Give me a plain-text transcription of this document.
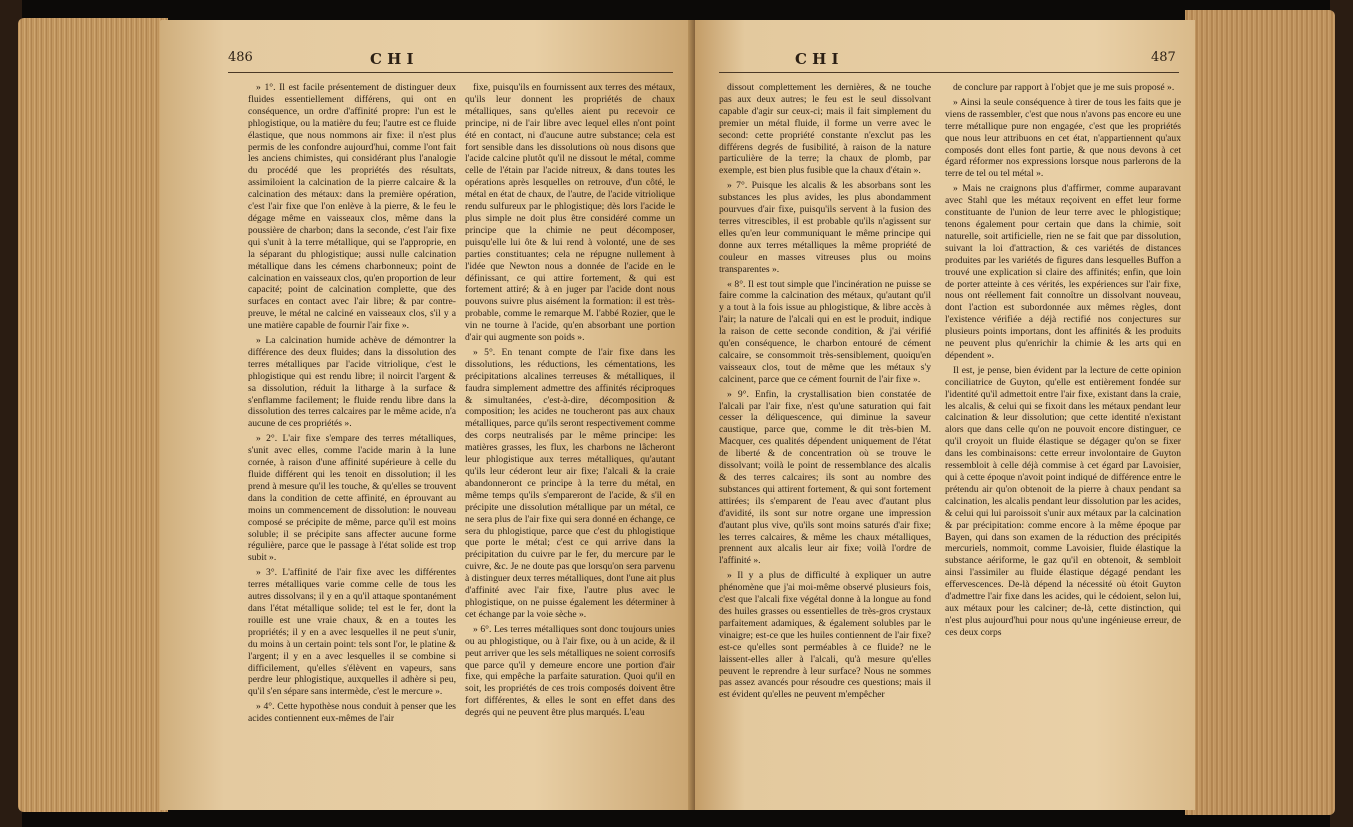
486	C H I

» 1°. Il est facile présentement de distinguer deux fluides essentiellement différens, qui ont en conséquence, un ordre d'affinité propre: l'un est le phlogistique, ou la matière du feu; l'autre est ce fluide élastique, que nous nommons air fixe: il n'est plus permis de les confondre aujourd'hui, comme l'ont fait les anciens chimistes, qui considérant plus l'analogie du procédé que les propriétés des résultats, assimiloient la calcination de la pierre calcaire & la calcination des métaux: dans la première opération, c'est l'air fixe que l'on enlève à la pierre, & le feu le dégage même en vaisseaux clos, même dans la poussière de charbon; dans la seconde, c'est l'air fixe qui s'unit à la terre métallique, qui se l'approprie, en la séparant du phlogistique; aussi nulle calcination métallique dans les cémens charbonneux; point de calcination en vaisseaux clos, qu'en proportion de leur capacité; point de calcination complette, que des surfaces en contact avec l'air libre; & par contre-preuve, le métal ne calciné en vaisseaux clos, s'il y a une matière capable de fournir l'air fixe ».

» La calcination humide achève de démontrer la différence des deux fluides; dans la dissolution des terres métalliques par l'acide vitriolique, c'est le phlogistique qui est rendu libre; il noircit l'argent & sa dissolution, réduit la litharge à la surface & s'enflamme facilement; le fluide rendu libre dans la dissolution des terres calcaires par le même acide, n'a aucune de ces propriétés ».

» 2°. L'air fixe s'empare des terres métalliques, s'unit avec elles, comme l'acide marin à la lune cornée, à raison d'une affinité supérieure à celle du fluide différent qui les tenoit en dissolution; il les prend à mesure qu'il les touche, & qu'elles se trouvent dans la condition de cette affinité, en éprouvant au moins un commencement de dissolution: le nouveau composé se précipite de même, parce qu'il est moins soluble; il se précipite sans affecter aucune forme régulière, parce que le passage à l'état solide est trop subit ».

» 3°. L'affinité de l'air fixe avec les différentes terres métalliques varie comme celle de tous les autres dissolvans; il y en a qu'il attaque spontanément dans l'état métallique solide; tel est le fer, dont la rouille est une vraie chaux, & en a toutes les propriétés; il y en a avec lesquelles il ne peut s'unir, du moins à un certain point: tels sont l'or, le platine & l'argent; il y en a avec lesquelles il se combine si difficilement, qu'elles s'élèvent en vapeurs, sans perdre leur phlogistique, auxquelles il adhère si peu, qu'il s'en sépare sans intermède, c'est le mercure ».

» 4°. Cette hypothèse nous conduit à penser que les acides contiennent eux-mêmes de l'air

fixe, puisqu'ils en fournissent aux terres des métaux, qu'ils leur donnent les propriétés de chaux métalliques, sans qu'elles aient pu recevoir ce principe, ni de l'air libre avec lequel elles n'ont point été en contact, ni d'aucune autre substance; cela est fort sensible dans les dissolutions où nous disons que l'acide calcine plutôt qu'il ne dissout le métal, comme celle de l'étain par l'acide nitreux, & dans toutes les opérations après lesquelles on retrouve, d'un côté, le métal en état de chaux, de l'autre, de l'acide vitriolique rendu sulfureux par le phlogistique; dès lors l'acide le plus simple ne doit plus être considéré comme un principe que la chimie ne peut décomposer, puisqu'elle lui ôte & lui rend à volonté, une de ses parties constituantes; cela ne répugne nullement à l'idée que Newton nous a donnée de l'acide en le définissant, ce qui attire fortement, & qui est fortement attiré; & à en juger par l'acide dont nous pouvons suivre plus aisément la formation: il est très-probable, comme le remarque M. l'abbé Rozier, que le vin ne tourne à l'acide, qu'en absorbant une portion d'air qui augmente son poids ».

» 5°. En tenant compte de l'air fixe dans les dissolutions, les réductions, les cémentations, les précipitations alcalines terreuses & métalliques, il faudra simplement admettre des affinités réciproques & simultanées, c'est-à-dire, décomposition & composition; les acides ne toucheront pas aux chaux métalliques, parce qu'ils seront respectivement comme des corps neutralisés par le même principe: les matières grasses, les flux, les charbons ne lâcheront leur phlogistique aux terres métalliques, qu'autant qu'ils leur céderont leur air fixe; l'alcali & la craie abandonneront ce principe à la terre du métal, en même temps qu'ils s'empareront de l'acide, & s'il en précipite une dissolution métallique par un métal, ce ne sera plus de l'air fixe qui sera donné en échange, ce sera du phlogistique, parce que c'est du phlogistique que porte le métal; c'est ce qui arrive dans la précipitation du cuivre par le fer, du mercure par le cuivre, &c. Je ne doute pas que lorsqu'on sera parvenu à distinguer deux terres métalliques, dont l'une ait plus d'affinité avec l'air fixe, l'autre plus avec le phlogistique, on ne puisse également les déterminer à cet échange par la voie sèche ».

» 6°. Les terres métalliques sont donc toujours unies ou au phlogistique, ou à l'air fixe, ou à un acide, & il peut arriver que les sels métalliques ne soient corrosifs que parce qu'il y demeure encore une portion d'air fixe, qui empêche la parfaite saturation. Quoi qu'il en soit, les propriétés de ces trois composés doivent être fort différentes, & elles le sont en effet dans des degrés qui ne peuvent être plus marqués. L'eau

C H I	487

dissout complettement les dernières, & ne touche pas aux deux autres; le feu est le seul dissolvant capable d'agir sur ceux-ci; mais il fait simplement du premier un métal fluide, il forme un verre avec le second: cette propriété constante n'exclut pas les différens degrés de fusibilité, à raison de la nature particulière de la terre; la chaux de plomb, par exemple, est bien plus fusible que la chaux d'étain ».

» 7°. Puisque les alcalis & les absorbans sont les substances les plus avides, les plus abondamment pourvues d'air fixe, puisqu'ils servent à la fusion des terres vitrescibles, il est probable qu'ils n'agissent sur elles qu'en leur communiquant le même principe qui donne aux terres métalliques la même propriété de couleur en masses vitreuses plus ou moins transparentes ».

« 8°. Il est tout simple que l'incinération ne puisse se faire comme la calcination des métaux, qu'autant qu'il y a tout à la fois issue au phlogistique, & libre accès à l'air; la nature de l'alcali qui en est le produit, indique la raison de cette seconde condition, & j'ai vérifié qu'en conséquence, le charbon entouré de cément calcaire, se consommoit très-sensiblement, quoiqu'en vaisseaux clos, tout de même que les métaux s'y calcinent, parce que ce cément fournit de l'air fixe ».

» 9°. Enfin, la crystallisation bien constatée de l'alcali par l'air fixe, n'est qu'une saturation qui fait cesser la déliquescence, qui diminue la saveur caustique, parce que, comme le dit très-bien M. Macquer, ces qualités dépendent uniquement de l'état de liberté & de concentration où se trouve le dissolvant; voilà le point de ressemblance des alcalis & des terres calcaires; ils sont au nombre des substances qui attirent fortement, & qui sont fortement attirées; ils s'emparent de l'eau avec d'autant plus d'avidité, ils sont sur notre organe une impression d'autant plus vive, qu'ils sont moins saturés d'air fixe; les terres calcaires, & même les chaux métalliques, prennent aux alcalis leur air fixe; voilà l'ordre de l'affinité ».

» Il y a plus de difficulté à expliquer un autre phénomène que j'ai moi-même observé plusieurs fois, c'est que l'alcali fixe végétal donne à la longue au fond des huiles grasses ou essentielles de très-gros crystaux parfaitement adamiques, & également solubles par le vinaigre; est-ce que les huiles contiennent de l'air fixe? est-ce qu'elles sont perméables à ce fluide? ne le laissent-elles aller à l'alcali, qu'à mesure qu'elles peuvent le reprendre à leur surface? Nous ne sommes pas assez avancés pour résoudre ces questions; mais il est évident qu'elles ne peuvent m'empêcher

de conclure par rapport à l'objet que je me suis proposé ».

» Ainsi la seule conséquence à tirer de tous les faits que je viens de rassembler, c'est que nous n'avons pas encore eu une terre métallique pure non engagée, c'est que les propriétés que nous leur attribuons en cet état, n'appartiennent qu'aux composés dont elles font partie, & que nous devons à cet égard réformer nos expressions lorsque nous parlerons de la terre de tel ou tel métal ».

» Mais ne craignons plus d'affirmer, comme auparavant avec Stahl que les métaux reçoivent en effet leur forme constituante de l'union de leur terre avec le phlogistique; tenons également pour certain que dans la chimie, soit naturelle, soit artificielle, rien ne se fait que par dissolution, suivant la loi d'attraction, & ces variétés de distances produites par les variétés de figures dans lesquelles Buffon a trouvé une explication si claire des affinités; enfin, que loin de porter atteinte à ces vérités, les expériences sur l'air fixe, nous ont réellement fait connoître un dissolvant nouveau, dont l'action est subordonnée aux mêmes règles, dont l'existence vérifiée a déjà rectifié nos conjectures sur plusieurs points importans, dont les affinités & les produits ne peuvent plus qu'enrichir la chimie & les arts qui en dépendent ».

Il est, je pense, bien évident par la lecture de cette opinion conciliatrice de Guyton, qu'elle est entièrement fondée sur l'identité qu'il admettoit entre l'air fixe, existant dans la craie, les alcalis, & celui qui se fixoit dans les métaux pendant leur calcination & leur dissolution; que cette identité n'existant alors que dans celle qu'on ne pouvoit encore distinguer, ce qu'il croyoit un fluide élastique se dégager qu'on se fixer dans les combinaisons: cette erreur involontaire de Guyton ressembloit à celle déjà commise à cet égard par Lavoisier, qui à cette époque n'avoit point indiqué de différence entre le prétendu air qu'on obtenoit de la pierre à chaux pendant sa calcination, les alcalis pendant leur dissolution par les acides, & celui qui lui paroissoit s'unir aux métaux par la calcination & par précipitation: comme encore à la même époque par Bayen, qui dans son examen de la réduction des précipités mercuriels, nommoit, comme Lavoisier, fluide élastique la substance aériforme, le gaz qu'il en obtenoit, & sembloit ainsi l'assimiler au fluide élastique dégagé pendant les effervescences. De-là dépend la nécessité où étoit Guyton d'admettre l'air fixe dans les acides, qui le cédoient, selon lui, aux métaux pour les calciner; de-là, cette distinction, qui n'est plus aujourd'hui pour nous qu'une ingénieuse erreur, de ces deux corps
